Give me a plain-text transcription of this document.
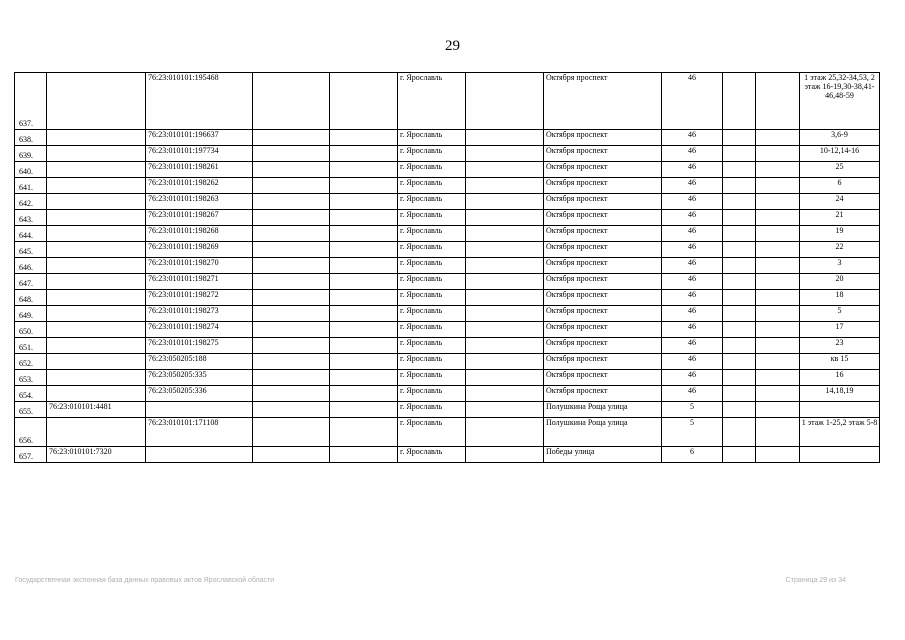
29
637.		76:23:010101:195468			г. Ярославль		Октября проспект	46			1 этаж 25,32-34,53, 2 этаж 16-19,30-38,41-46,48-59
638.		76:23:010101:196637			г. Ярославль		Октября проспект	46			3,6-9
639.		76:23:010101:197734			г. Ярославль		Октября проспект	46			10-12,14-16
640.		76:23:010101:198261			г. Ярославль		Октября проспект	46			25
641.		76:23:010101:198262			г. Ярославль		Октября проспект	46			6
642.		76:23:010101:198263			г. Ярославль		Октября проспект	46			24
643.		76:23:010101:198267			г. Ярославль		Октября проспект	46			21
644.		76:23:010101:198268			г. Ярославль		Октября проспект	46			19
645.		76:23:010101:198269			г. Ярославль		Октября проспект	46			22
646.		76:23:010101:198270			г. Ярославль		Октября проспект	46			3
647.		76:23:010101:198271			г. Ярославль		Октября проспект	46			20
648.		76:23:010101:198272			г. Ярославль		Октября проспект	46			18
649.		76:23:010101:198273			г. Ярославль		Октября проспект	46			5
650.		76:23:010101:198274			г. Ярославль		Октября проспект	46			17
651.		76:23:010101:198275			г. Ярославль		Октября проспект	46			23
652.		76:23:050205:188			г. Ярославль		Октября проспект	46			кв 15
653.		76:23:050205:335			г. Ярославль		Октября проспект	46			16
654.		76:23:050205:336			г. Ярославль		Октября проспект	46			14,18,19
655.	76:23:010101:4481				г. Ярославль		Полушкина Роща улица	5			
656.		76:23:010101:171108			г. Ярославль		Полушкина Роща улица	5			1 этаж 1-25,2 этаж 5-8
657.	76:23:010101:7320				г. Ярославль		Победы улица	6			
Государственная экспонная база данных правовых актов Ярославской области	Страница 29 из 34
